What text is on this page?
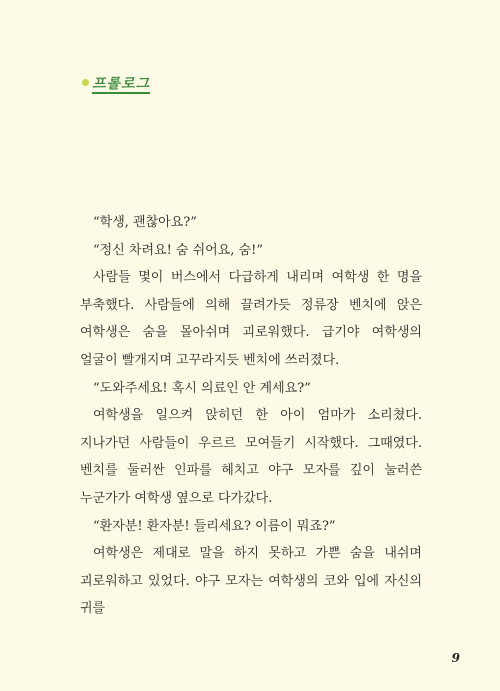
프롤로그

“학생, 괜찮아요?”

“정신 차려요! 숨 쉬어요, 숨!”

사람들 몇이 버스에서 다급하게 내리며 여학생 한 명을 부축했다. 사람들에 의해 끌려가듯 정류장 벤치에 앉은 여학생은 숨을 몰아쉬며 괴로워했다. 급기야 여학생의 얼굴이 빨개지며 고꾸라지듯 벤치에 쓰러졌다.

“도와주세요! 혹시 의료인 안 계세요?”

여학생을 일으켜 앉히던 한 아이 엄마가 소리쳤다. 지나가던 사람들이 우르르 모여들기 시작했다. 그때였다. 벤치를 둘러싼 인파를 헤치고 야구 모자를 깊이 눌러쓴 누군가가 여학생 옆으로 다가갔다.

“환자분! 환자분! 들리세요? 이름이 뭐죠?”

여학생은 제대로 말을 하지 못하고 가쁜 숨을 내쉬며 괴로워하고 있었다. 야구 모자는 여학생의 코와 입에 자신의 귀를

9
